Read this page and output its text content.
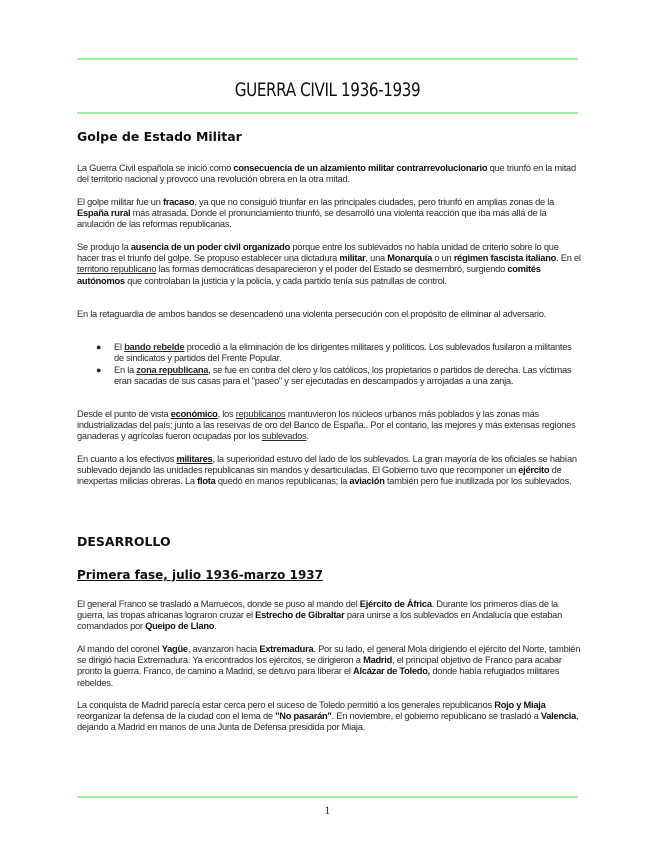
GUERRA CIVIL 1936-1939
Golpe de Estado Militar
La Guerra Civil española se inició como consecuencia de un alzamiento militar contrarrevolucionario que triunfó en la mitad del territorio nacional y provocó una revolución obrera en la otra mitad.
El golpe militar fue un fracaso, ya que no consiguió triunfar en las principales ciudades, pero triunfó en amplias zonas de la España rural más atrasada. Donde el pronunciamiento triunfó, se desarrolló una violenta reacción que iba más allá de la anulación de las reformas republicanas.
Se produjo la ausencia de un poder civil organizado porque entre los sublevados no había unidad de criterio sobre lo que hacer tras el triunfo del golpe. Se propuso establecer una dictadura militar, una Monarquía o un régimen fascista italiano. En el territorio republicano las formas democráticas desaparecieron y el poder del Estado se desmembró, surgiendo comités autónomos que controlaban la justicia y la policía, y cada partido tenía sus patrullas de control.
En la retaguardia de ambos bandos se desencadenó una violenta persecución con el propósito de eliminar al adversario.
● El bando rebelde procedió a la eliminación de los dirigentes militares y políticos. Los sublevados fusilaron a militantes de sindicatos y partidos del Frente Popular.
● En la zona republicana, se fue en contra del clero y los católicos, los propietarios o partidos de derecha. Las víctimas eran sacadas de sus casas para el "paseo" y ser ejecutadas en descampados y arrojadas a una zanja.
Desde el punto de vista económico, los republicanos mantuvieron los núcleos urbanos más poblados y las zonas más industrializadas del país; junto a las reservas de oro del Banco de España.. Por el contario, las mejores y más extensas regiones ganaderas y agrícolas fueron ocupadas por los sublevados.
En cuanto a los efectivos militares, la superioridad estuvo del lado de los sublevados. La gran mayoría de los oficiales se habían sublevado dejando las unidades republicanas sin mandos y desarticuladas. El Gobierno tuvo que recomponer un ejército de inexpertas milicias obreras. La flota quedó en manos republicanas; la aviación también pero fue inutilizada por los sublevados.
DESARROLLO
Primera fase, julio 1936-marzo 1937
El general Franco se trasladó a Marruecos, donde se puso al mando del Ejército de África. Durante los primeros días de la guerra, las tropas africanas lograron cruzar el Estrecho de Gibraltar para unirse a los sublevados en Andalucía que estaban comandados por Queipo de Llano.
Al mando del coronel Yagüe, avanzaron hacia Extremadura. Por su lado, el general Mola dirigiendo el ejército del Norte, también se dirigió hacia Extremadura. Ya encontrados los ejércitos, se dirigieron a Madrid, el principal objetivo de Franco para acabar pronto la guerra. Franco, de camino a Madrid, se detuvo para liberar el Alcázar de Toledo, donde había refugiados militares rebeldes.
La conquista de Madrid parecía estar cerca pero el suceso de Toledo permitió a los generales republicanos Rojo y Miaja reorganizar la defensa de la ciudad con el lema de "No pasarán". En noviembre, el gobierno republicano se trasladó a Valencia, dejando a Madrid en manos de una Junta de Defensa presidida por Miaja.
1
